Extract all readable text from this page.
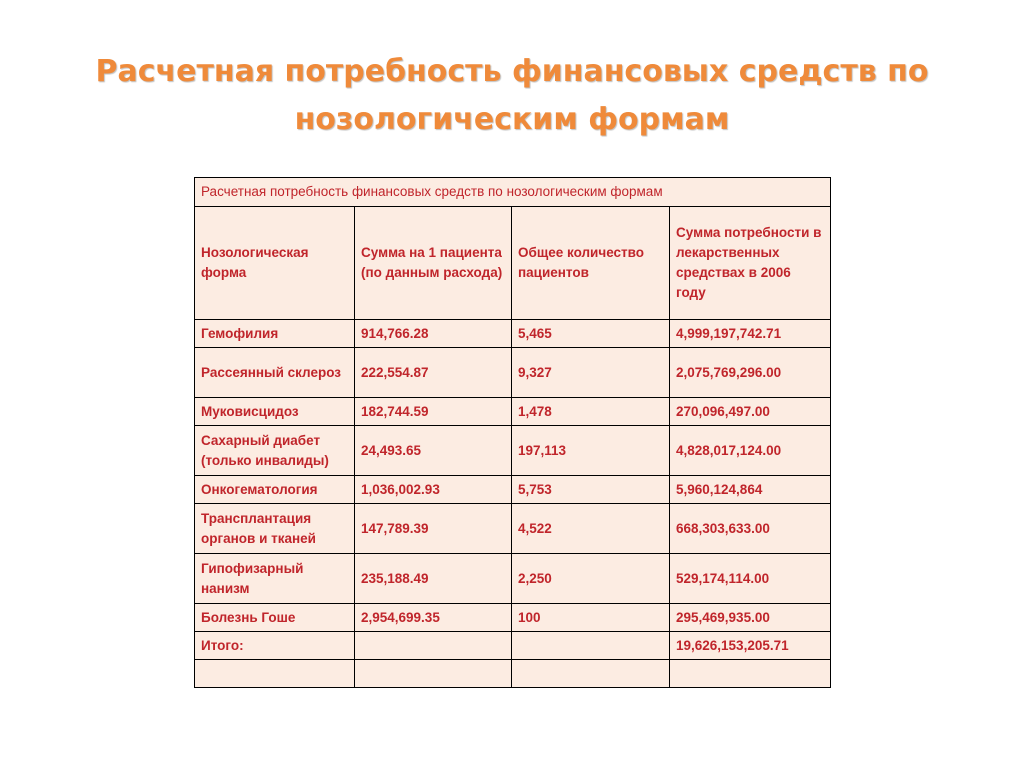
Расчетная потребность финансовых средств по
нозологическим формам
Расчетная потребность финансовых средств по нозологическим формам			
Нозологическая форма	Сумма на 1 пациента (по данным расхода)	Общее количество пациентов	Сумма потребности в лекарственных средствах в 2006 году
Гемофилия	914,766.28	5,465	4,999,197,742.71
Рассеянный склероз	222,554.87	9,327	2,075,769,296.00
Муковисцидоз	182,744.59	1,478	270,096,497.00
Сахарный диабет (только инвалиды)	24,493.65	197,113	4,828,017,124.00
Онкогематология	1,036,002.93	5,753	5,960,124,864
Трансплантация органов и тканей	147,789.39	4,522	668,303,633.00
Гипофизарный нанизм	235,188.49	2,250	529,174,114.00
Болезнь Гоше	2,954,699.35	100	295,469,935.00
Итого:			19,626,153,205.71
